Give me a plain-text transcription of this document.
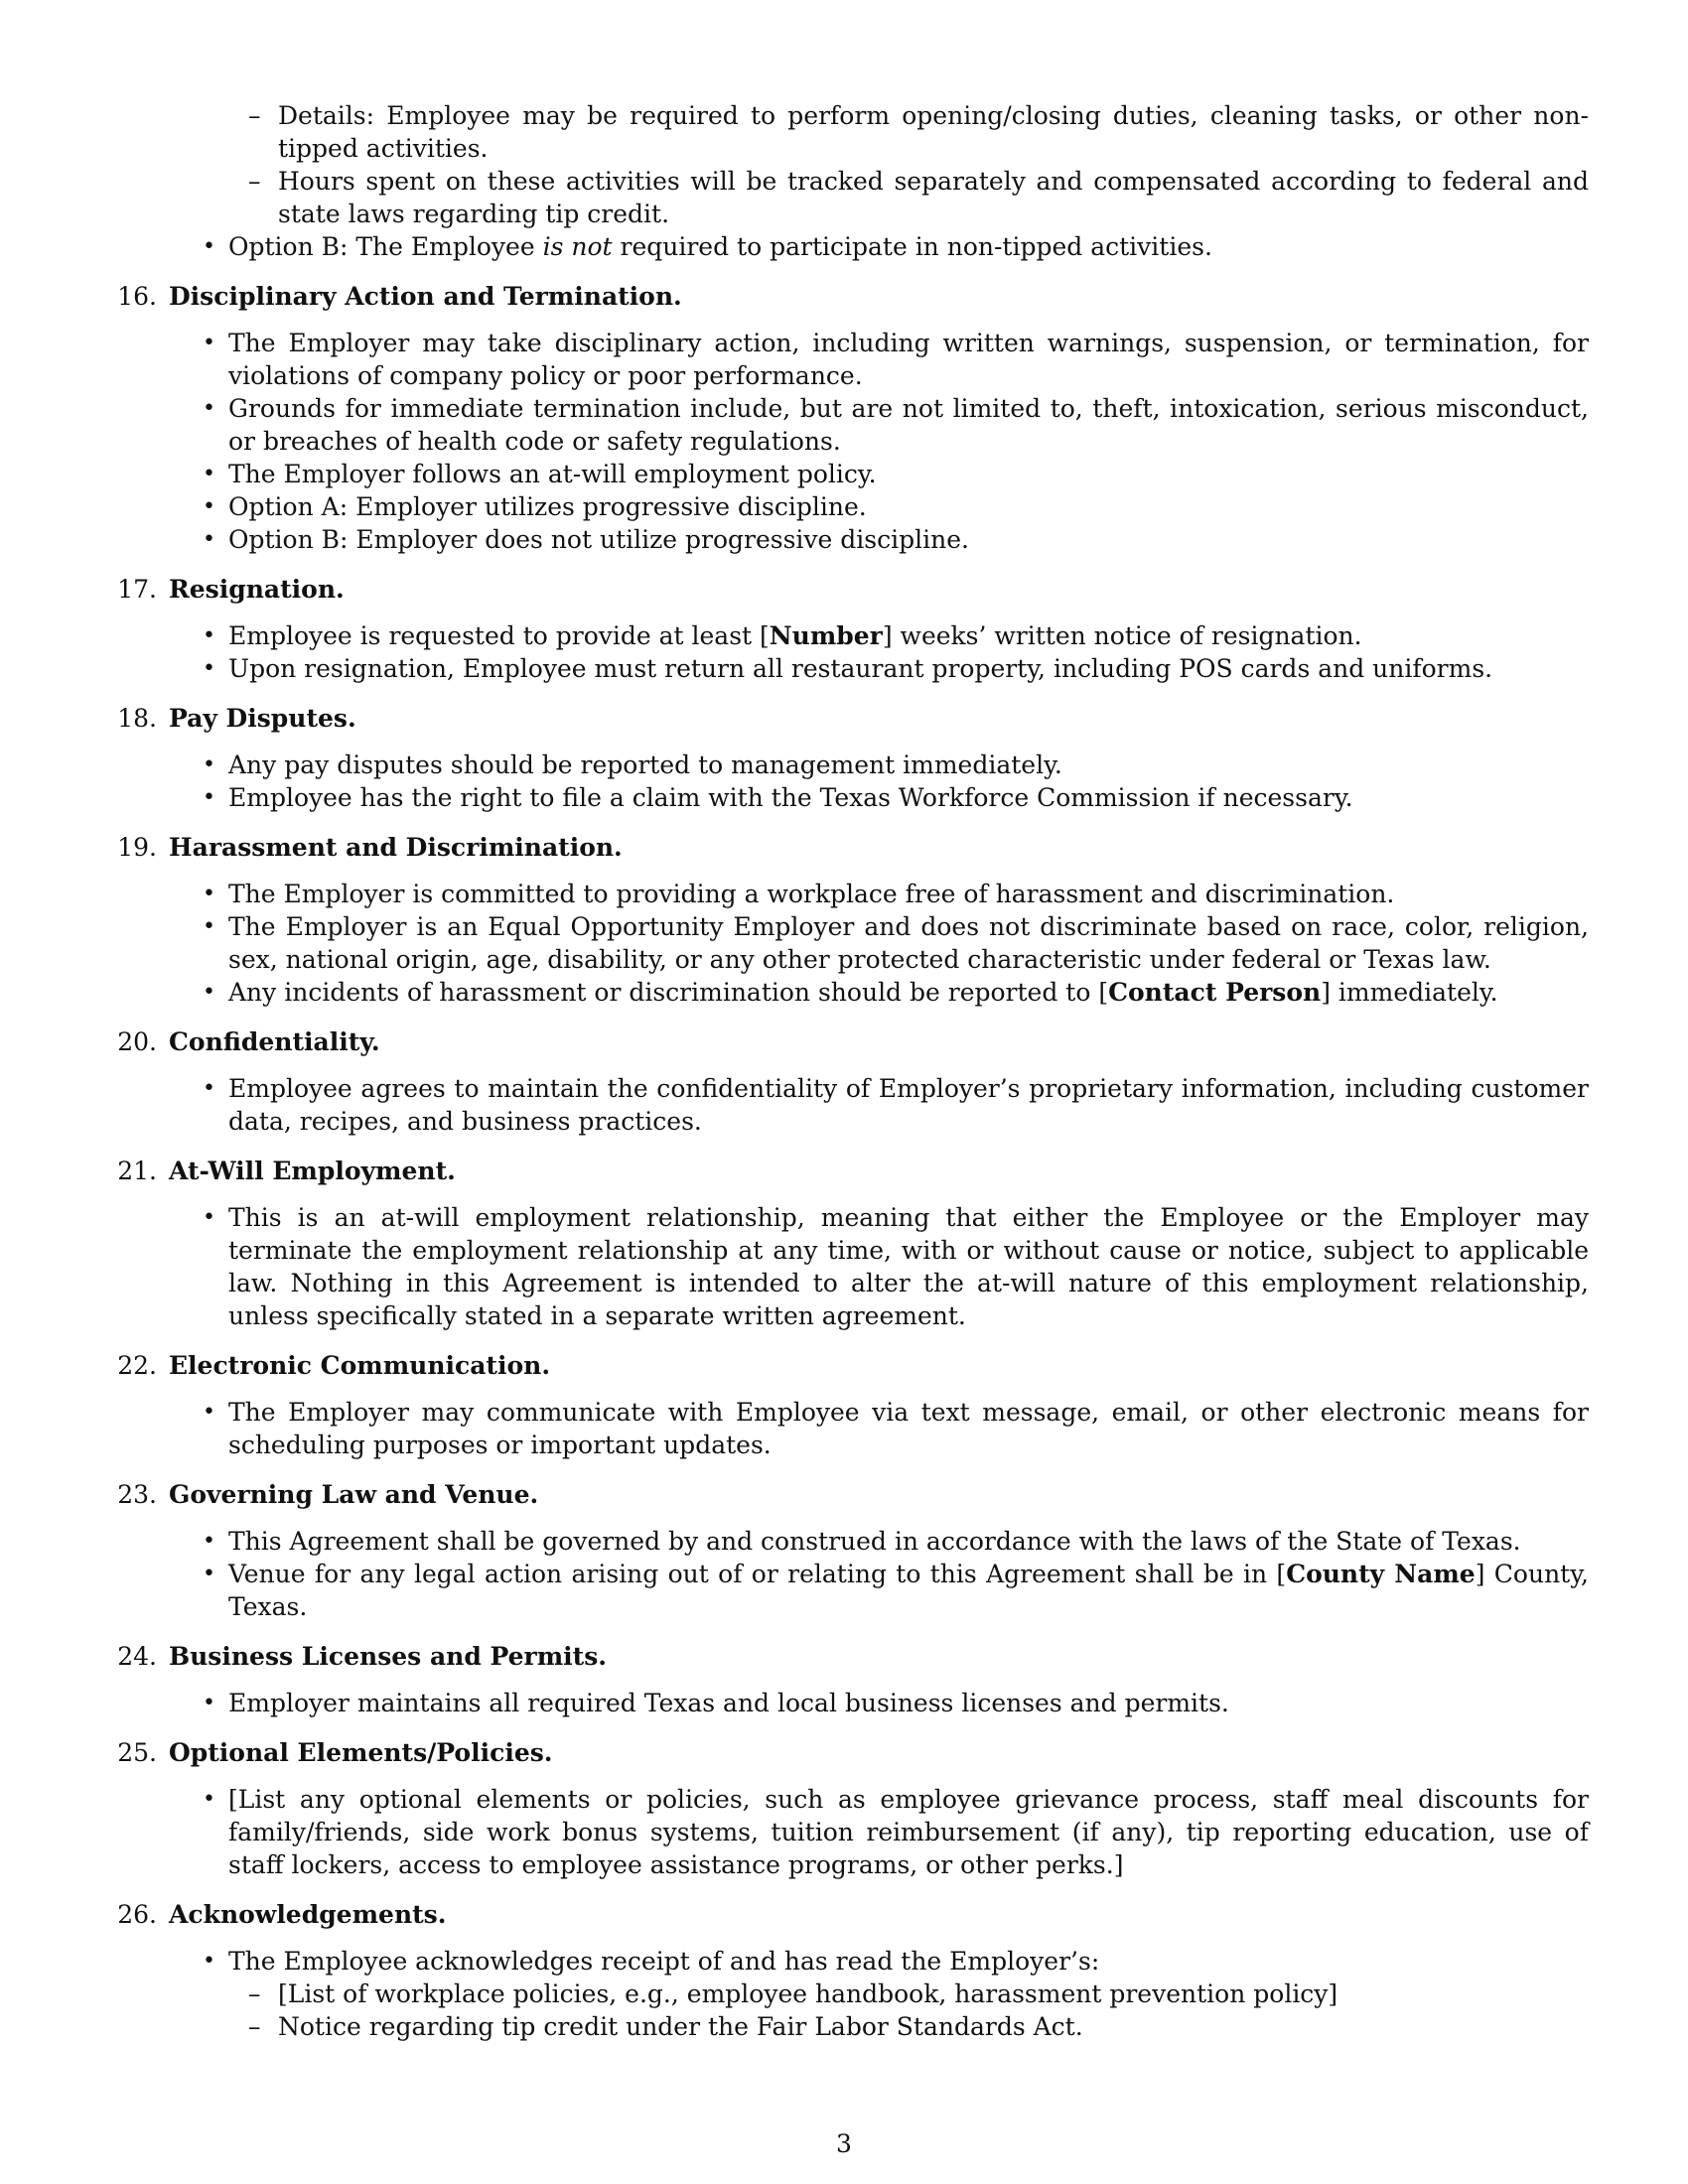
– Details: Employee may be required to perform opening/closing duties, cleaning tasks, or other non-tipped activities.
– Hours spent on these activities will be tracked separately and compensated according to federal and state laws regarding tip credit.
• Option B: The Employee is not required to participate in non-tipped activities.
16. Disciplinary Action and Termination.
• The Employer may take disciplinary action, including written warnings, suspension, or termination, for violations of company policy or poor performance.
• Grounds for immediate termination include, but are not limited to, theft, intoxication, serious misconduct, or breaches of health code or safety regulations.
• The Employer follows an at-will employment policy.
• Option A: Employer utilizes progressive discipline.
• Option B: Employer does not utilize progressive discipline.
17. Resignation.
• Employee is requested to provide at least [Number] weeks’ written notice of resignation.
• Upon resignation, Employee must return all restaurant property, including POS cards and uniforms.
18. Pay Disputes.
• Any pay disputes should be reported to management immediately.
• Employee has the right to file a claim with the Texas Workforce Commission if necessary.
19. Harassment and Discrimination.
• The Employer is committed to providing a workplace free of harassment and discrimination.
• The Employer is an Equal Opportunity Employer and does not discriminate based on race, color, religion, sex, national origin, age, disability, or any other protected characteristic under federal or Texas law.
• Any incidents of harassment or discrimination should be reported to [Contact Person] immediately.
20. Confidentiality.
• Employee agrees to maintain the confidentiality of Employer’s proprietary information, including customer data, recipes, and business practices.
21. At-Will Employment.
• This is an at-will employment relationship, meaning that either the Employee or the Employer may terminate the employment relationship at any time, with or without cause or notice, subject to applicable law. Nothing in this Agreement is intended to alter the at-will nature of this employment relationship, unless specifically stated in a separate written agreement.
22. Electronic Communication.
• The Employer may communicate with Employee via text message, email, or other electronic means for scheduling purposes or important updates.
23. Governing Law and Venue.
• This Agreement shall be governed by and construed in accordance with the laws of the State of Texas.
• Venue for any legal action arising out of or relating to this Agreement shall be in [County Name] County, Texas.
24. Business Licenses and Permits.
• Employer maintains all required Texas and local business licenses and permits.
25. Optional Elements/Policies.
• [List any optional elements or policies, such as employee grievance process, staff meal discounts for family/friends, side work bonus systems, tuition reimbursement (if any), tip reporting education, use of staff lockers, access to employee assistance programs, or other perks.]
26. Acknowledgements.
• The Employee acknowledges receipt of and has read the Employer’s:
– [List of workplace policies, e.g., employee handbook, harassment prevention policy]
– Notice regarding tip credit under the Fair Labor Standards Act.
3
